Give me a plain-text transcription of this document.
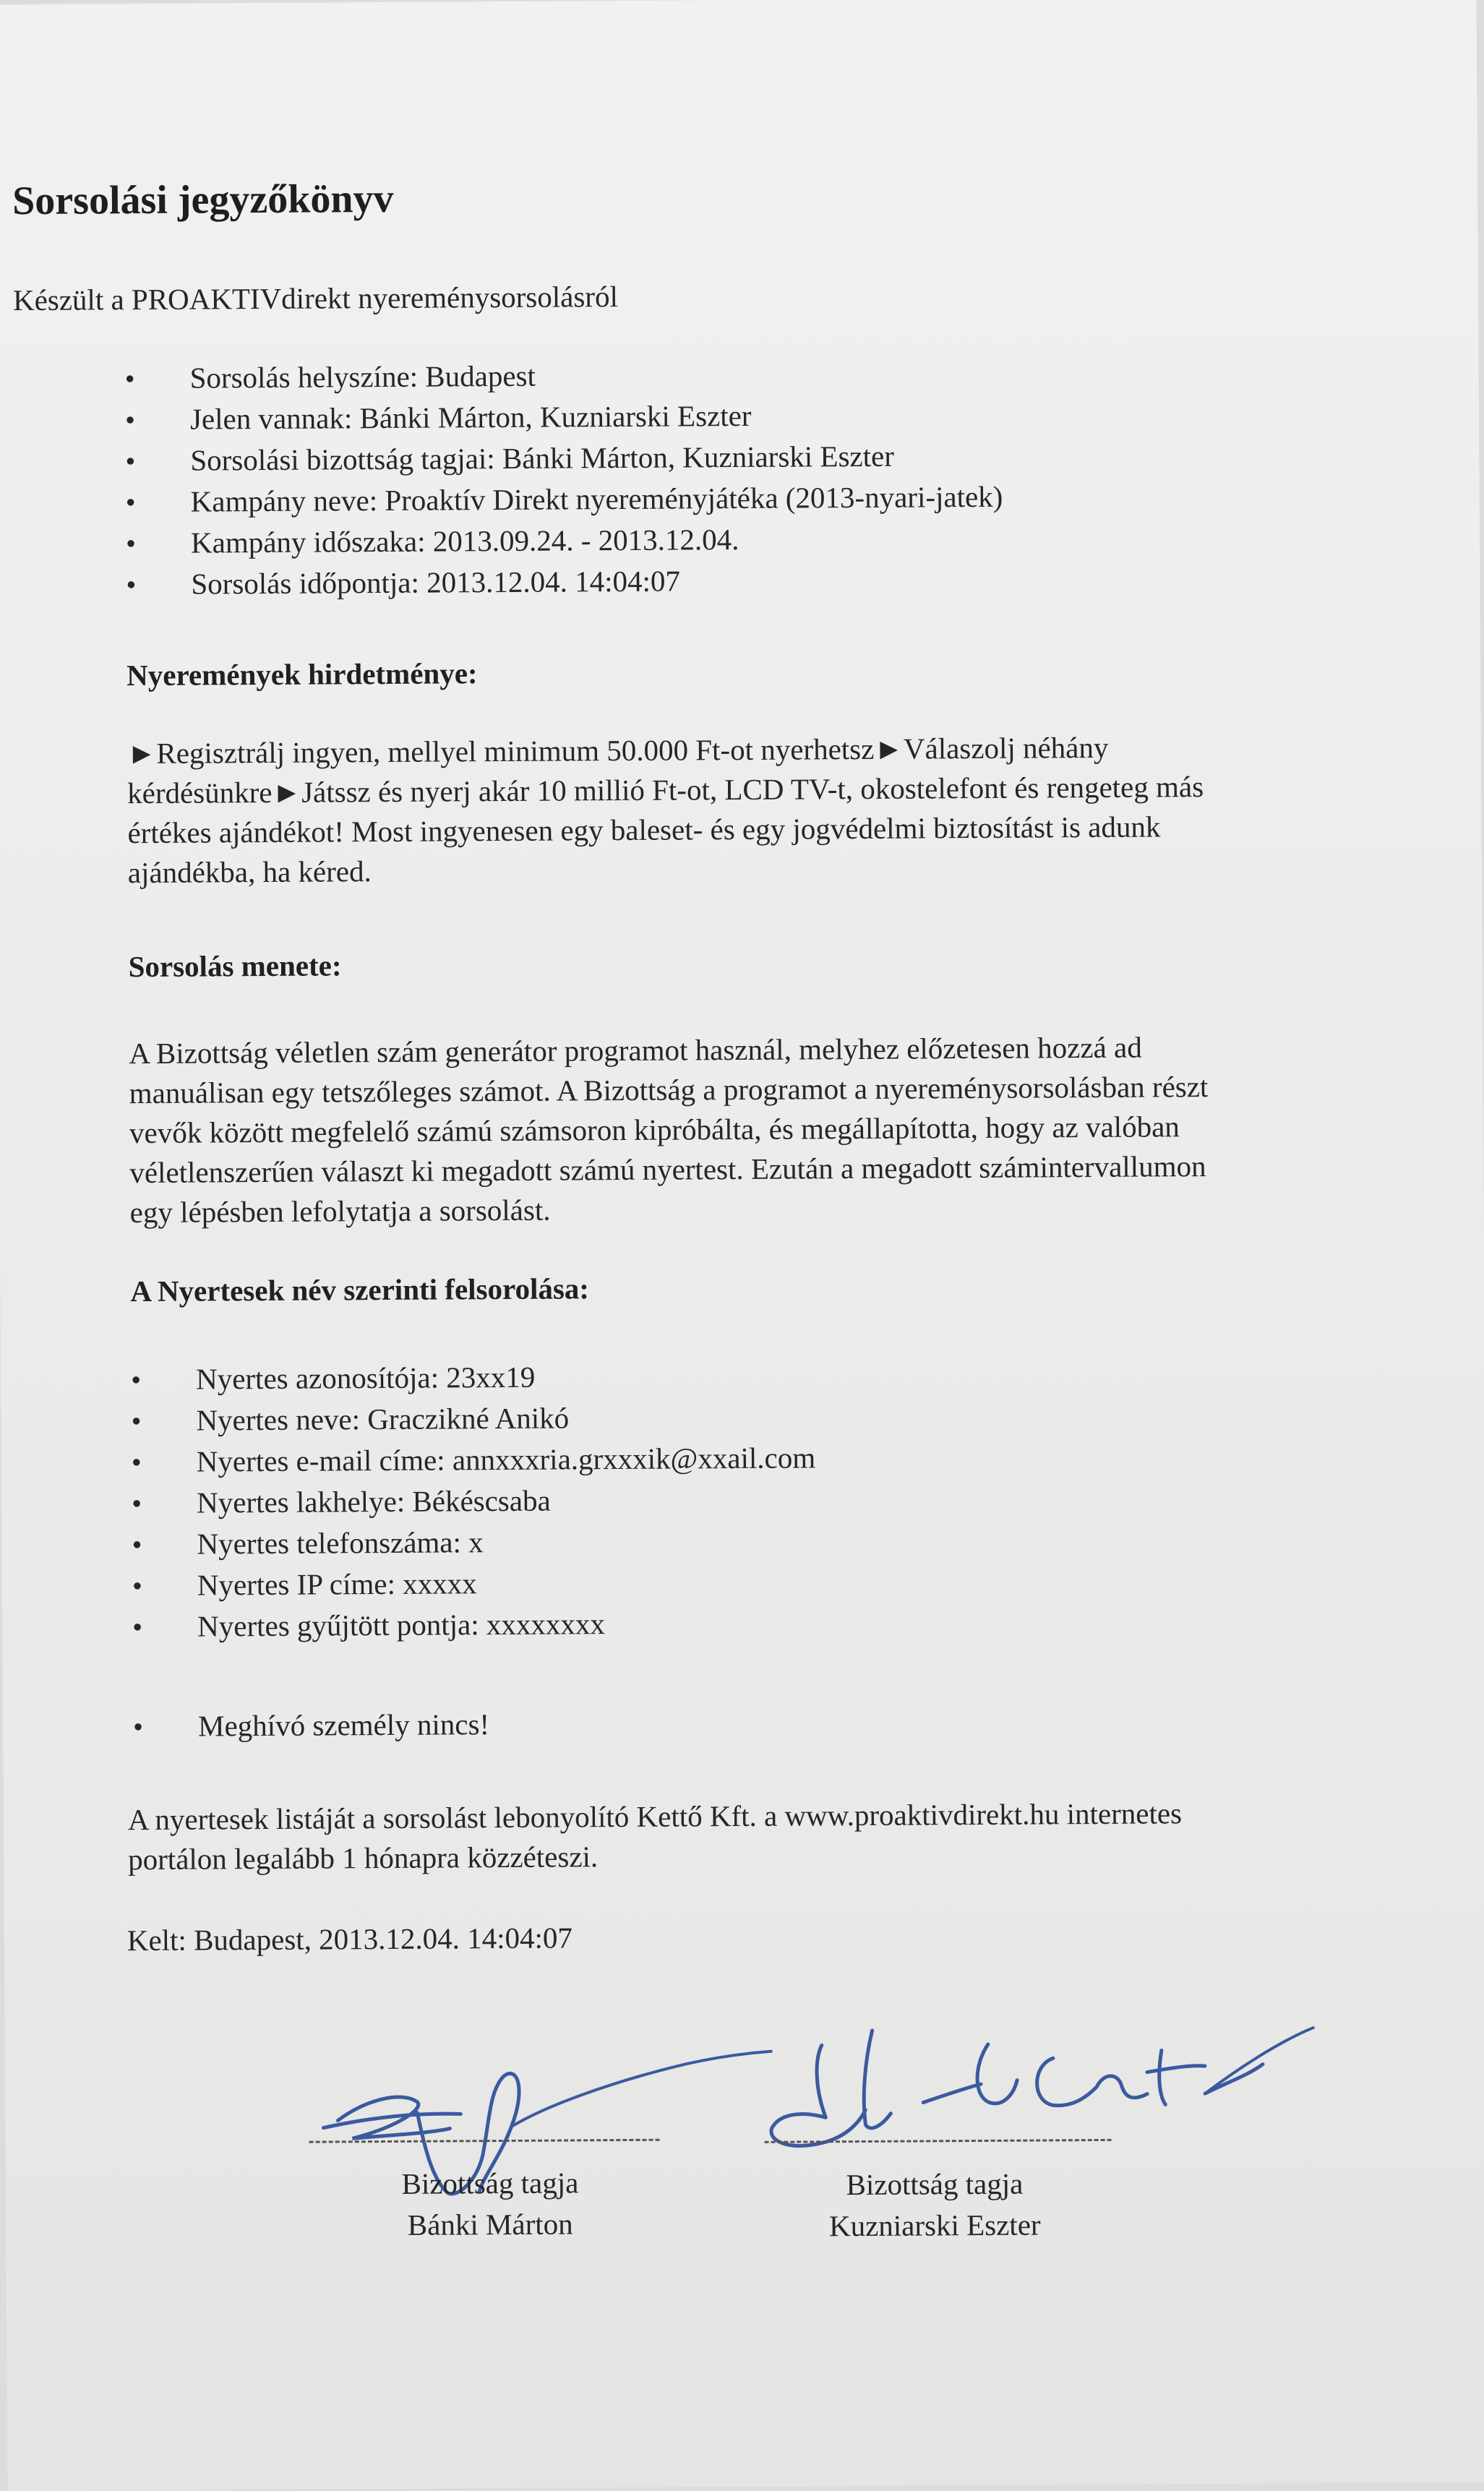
Sorsolási jegyzőkönyv
Készült a PROAKTIVdirekt nyereménysorsolásról
• Sorsolás helyszíne: Budapest
• Jelen vannak: Bánki Márton, Kuzniarski Eszter
• Sorsolási bizottság tagjai: Bánki Márton, Kuzniarski Eszter
• Kampány neve: Proaktív Direkt nyereményjátéka (2013-nyari-jatek)
• Kampány időszaka: 2013.09.24. - 2013.12.04.
• Sorsolás időpontja: 2013.12.04. 14:04:07
Nyeremények hirdetménye:
►Regisztrálj ingyen, mellyel minimum 50.000 Ft-ot nyerhetsz►Válaszolj néhány
kérdésünkre►Játssz és nyerj akár 10 millió Ft-ot, LCD TV-t, okostelefont és rengeteg más
értékes ajándékot! Most ingyenesen egy baleset- és egy jogvédelmi biztosítást is adunk
ajándékba, ha kéred.
Sorsolás menete:
A Bizottság véletlen szám generátor programot használ, melyhez előzetesen hozzá ad
manuálisan egy tetszőleges számot. A Bizottság a programot a nyereménysorsolásban részt
vevők között megfelelő számú számsoron kipróbálta, és megállapította, hogy az valóban
véletlenszerűen választ ki megadott számú nyertest. Ezután a megadott számintervallumon
egy lépésben lefolytatja a sorsolást.
A Nyertesek név szerinti felsorolása:
• Nyertes azonosítója: 23xx19
• Nyertes neve: Graczikné Anikó
• Nyertes e-mail címe: annxxxria.grxxxik@xxail.com
• Nyertes lakhelye: Békéscsaba
• Nyertes telefonszáma: x
• Nyertes IP címe: xxxxx
• Nyertes gyűjtött pontja: xxxxxxxx
• Meghívó személy nincs!
A nyertesek listáját a sorsolást lebonyolító Kettő Kft. a www.proaktivdirekt.hu internetes
portálon legalább 1 hónapra közzéteszi.
Kelt: Budapest, 2013.12.04. 14:04:07
Bizottság tagja
Bánki Márton
Bizottság tagja
Kuzniarski Eszter
